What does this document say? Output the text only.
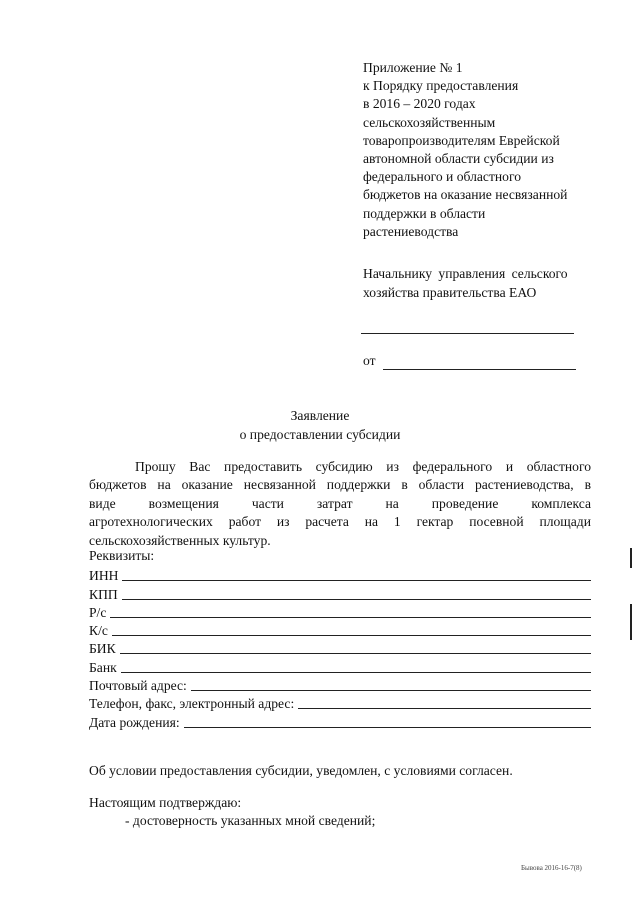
Приложение № 1
к Порядку предоставления
в 2016 – 2020 годах
сельскохозяйственным
товаропроизводителям Еврейской
автономной области субсидии из
федерального и областного
бюджетов на оказание несвязанной
поддержки в области
растениеводства
Начальнику управления сельского
хозяйства правительства ЕАО
от
Заявление
о предоставлении субсидии
Прошу Вас предоставить субсидию из федерального и областного
бюджетов на оказание несвязанной поддержки в области растениеводства, в
виде возмещения части затрат на проведение комплекса
агротехнологических работ из расчета на 1 гектар посевной площади
сельскохозяйственных культур.
Реквизиты:
ИНН
КПП
Р/с
К/с
БИК
Банк
Почтовый адрес:
Телефон, факс, электронный адрес:
Дата рождения:
Об условии предоставления субсидии, уведомлен, с условиями согласен.
Настоящим подтверждаю:
- достоверность указанных мной сведений;
Бывова 2016-16-7(8)
